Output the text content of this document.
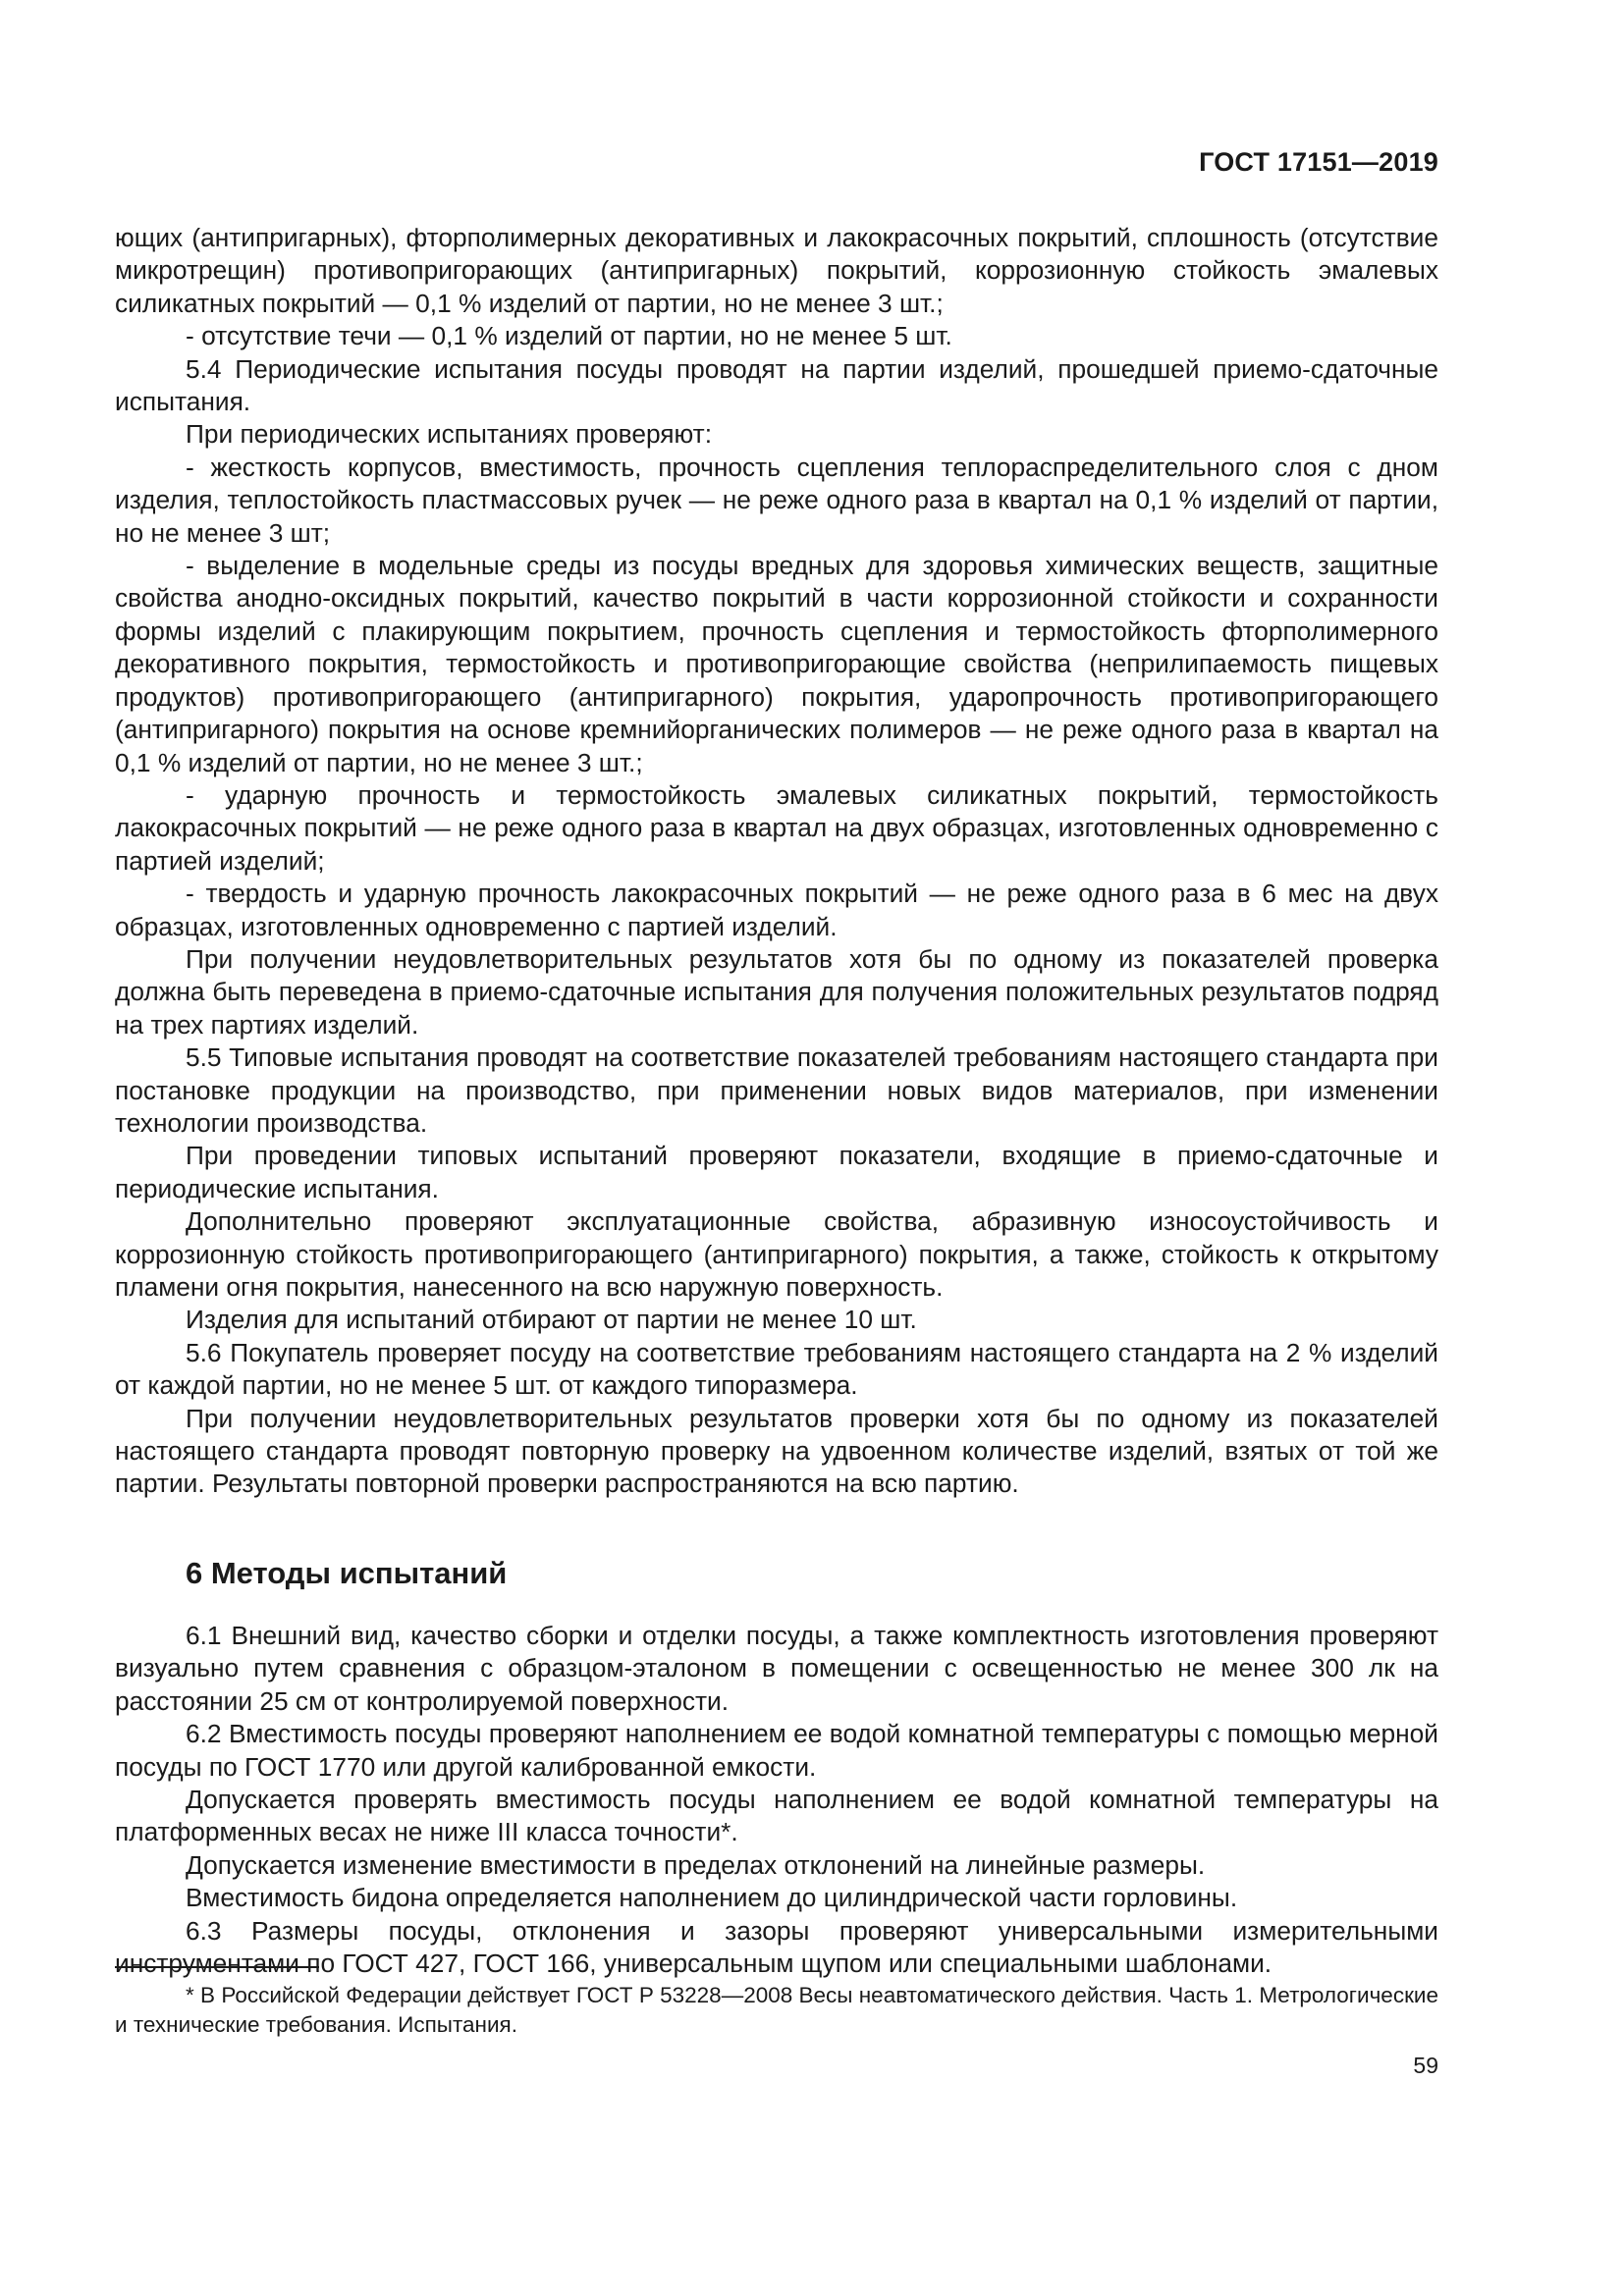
ГОСТ 17151—2019

ющих (антипригарных), фторполимерных декоративных и лакокрасочных покрытий, сплошность (отсутствие микротрещин) противопригорающих (антипригарных) покрытий, коррозионную стойкость эмалевых силикатных покрытий — 0,1 % изделий от партии, но не менее 3 шт.;

- отсутствие течи — 0,1 % изделий от партии, но не менее 5 шт.

5.4 Периодические испытания посуды проводят на партии изделий, прошедшей приемо-сдаточные испытания.

При периодических испытаниях проверяют:

- жесткость корпусов, вместимость, прочность сцепления теплораспределительного слоя с дном изделия, теплостойкость пластмассовых ручек — не реже одного раза в квартал на 0,1 % изделий от партии, но не менее 3 шт;

- выделение в модельные среды из посуды вредных для здоровья химических веществ, защитные свойства анодно-оксидных покрытий, качество покрытий в части коррозионной стойкости и сохранности формы изделий с плакирующим покрытием, прочность сцепления и термостойкость фторполимерного декоративного покрытия, термостойкость и противопригорающие свойства (неприлипаемость пищевых продуктов) противопригорающего (антипригарного) покрытия, ударопрочность противопригорающего (антипригарного) покрытия на основе кремнийорганических полимеров — не реже одного раза в квартал на 0,1 % изделий от партии, но не менее 3 шт.;

- ударную прочность и термостойкость эмалевых силикатных покрытий, термостойкость лакокрасочных покрытий — не реже одного раза в квартал на двух образцах, изготовленных одновременно с партией изделий;

- твердость и ударную прочность лакокрасочных покрытий — не реже одного раза в 6 мес на двух образцах, изготовленных одновременно с партией изделий.

При получении неудовлетворительных результатов хотя бы по одному из показателей проверка должна быть переведена в приемо-сдаточные испытания для получения положительных результатов подряд на трех партиях изделий.

5.5 Типовые испытания проводят на соответствие показателей требованиям настоящего стандарта при постановке продукции на производство, при применении новых видов материалов, при изменении технологии производства.

При проведении типовых испытаний проверяют показатели, входящие в приемо-сдаточные и периодические испытания.

Дополнительно проверяют эксплуатационные свойства, абразивную износоустойчивость и коррозионную стойкость противопригорающего (антипригарного) покрытия, а также, стойкость к открытому пламени огня покрытия, нанесенного на всю наружную поверхность.

Изделия для испытаний отбирают от партии не менее 10 шт.

5.6 Покупатель проверяет посуду на соответствие требованиям настоящего стандарта на 2 % изделий от каждой партии, но не менее 5 шт. от каждого типоразмера.

При получении неудовлетворительных результатов проверки хотя бы по одному из показателей настоящего стандарта проводят повторную проверку на удвоенном количестве изделий, взятых от той же партии. Результаты повторной проверки распространяются на всю партию.

6 Методы испытаний

6.1 Внешний вид, качество сборки и отделки посуды, а также комплектность изготовления проверяют визуально путем сравнения с образцом-эталоном в помещении с освещенностью не менее 300 лк на расстоянии 25 см от контролируемой поверхности.

6.2 Вместимость посуды проверяют наполнением ее водой комнатной температуры с помощью мерной посуды по ГОСТ 1770 или другой калиброванной емкости.

Допускается проверять вместимость посуды наполнением ее водой комнатной температуры на платформенных весах не ниже III класса точности*.

Допускается изменение вместимости в пределах отклонений на линейные размеры.

Вместимость бидона определяется наполнением до цилиндрической части горловины.

6.3 Размеры посуды, отклонения и зазоры проверяют универсальными измерительными инструментами по ГОСТ 427, ГОСТ 166, универсальным щупом или специальными шаблонами.

* В Российской Федерации действует ГОСТ Р 53228—2008 Весы неавтоматического действия. Часть 1. Метрологические и технические требования. Испытания.

59
